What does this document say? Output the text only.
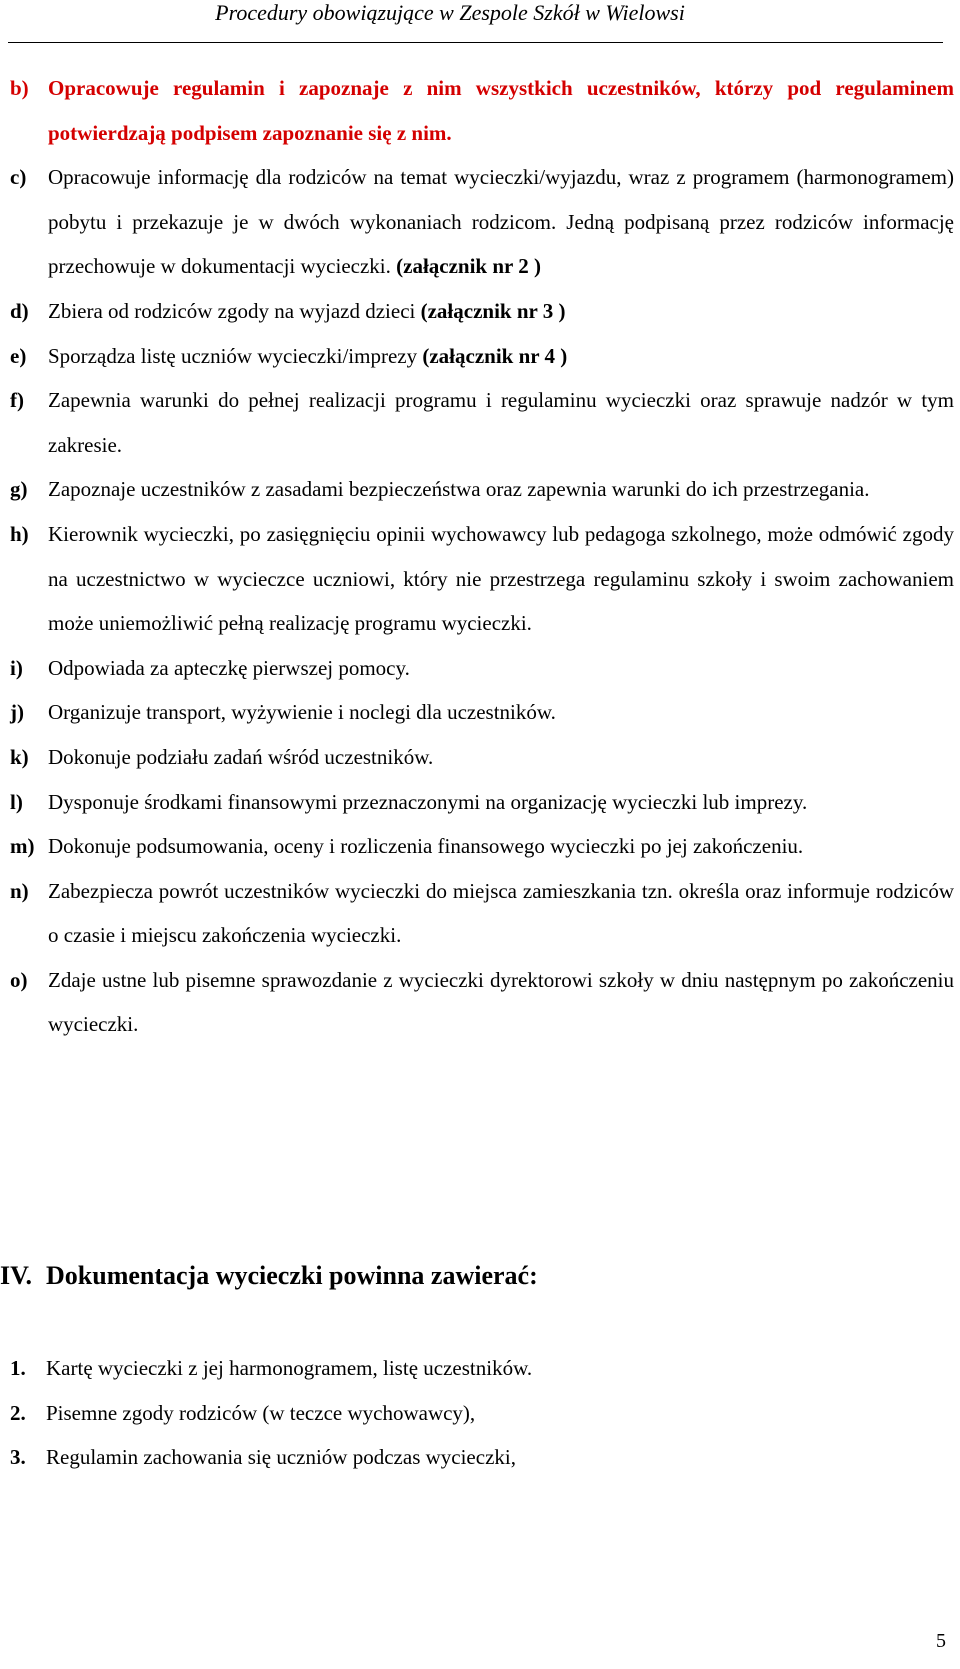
Procedury obowiązujące w Zespole Szkół w Wielowsi
b) Opracowuje regulamin i zapoznaje z nim wszystkich uczestników, którzy pod regulaminem potwierdzają podpisem zapoznanie się z nim.
c) Opracowuje informację dla rodziców na temat wycieczki/wyjazdu, wraz z programem (harmonogramem) pobytu i przekazuje je w dwóch wykonaniach rodzicom. Jedną podpisaną przez rodziców informację przechowuje w dokumentacji wycieczki. (załącznik nr 2 )
d) Zbiera od rodziców zgody na wyjazd dzieci (załącznik nr 3 )
e) Sporządza listę uczniów wycieczki/imprezy (załącznik nr 4 )
f) Zapewnia warunki do pełnej realizacji programu i regulaminu wycieczki oraz sprawuje nadzór w tym zakresie.
g) Zapoznaje uczestników z zasadami bezpieczeństwa oraz zapewnia warunki do ich przestrzegania.
h) Kierownik wycieczki, po zasięgnięciu opinii wychowawcy lub pedagoga szkolnego, może odmówić zgody na uczestnictwo w wycieczce uczniowi, który nie przestrzega regulaminu szkoły i swoim zachowaniem może uniemożliwić pełną realizację programu wycieczki.
i) Odpowiada za apteczkę pierwszej pomocy.
j) Organizuje transport, wyżywienie i noclegi dla uczestników.
k) Dokonuje podziału zadań wśród uczestników.
l) Dysponuje środkami finansowymi przeznaczonymi na organizację wycieczki lub imprezy.
m) Dokonuje podsumowania, oceny i rozliczenia finansowego wycieczki po jej zakończeniu.
n) Zabezpiecza powrót uczestników wycieczki do miejsca zamieszkania tzn. określa oraz informuje rodziców o czasie i miejscu zakończenia wycieczki.
o) Zdaje ustne lub pisemne sprawozdanie z wycieczki dyrektorowi szkoły w dniu następnym po zakończeniu wycieczki.
IV. Dokumentacja wycieczki powinna zawierać:
1. Kartę wycieczki z jej harmonogramem, listę uczestników.
2. Pisemne zgody rodziców (w teczce wychowawcy),
3. Regulamin zachowania się uczniów podczas wycieczki,
5
